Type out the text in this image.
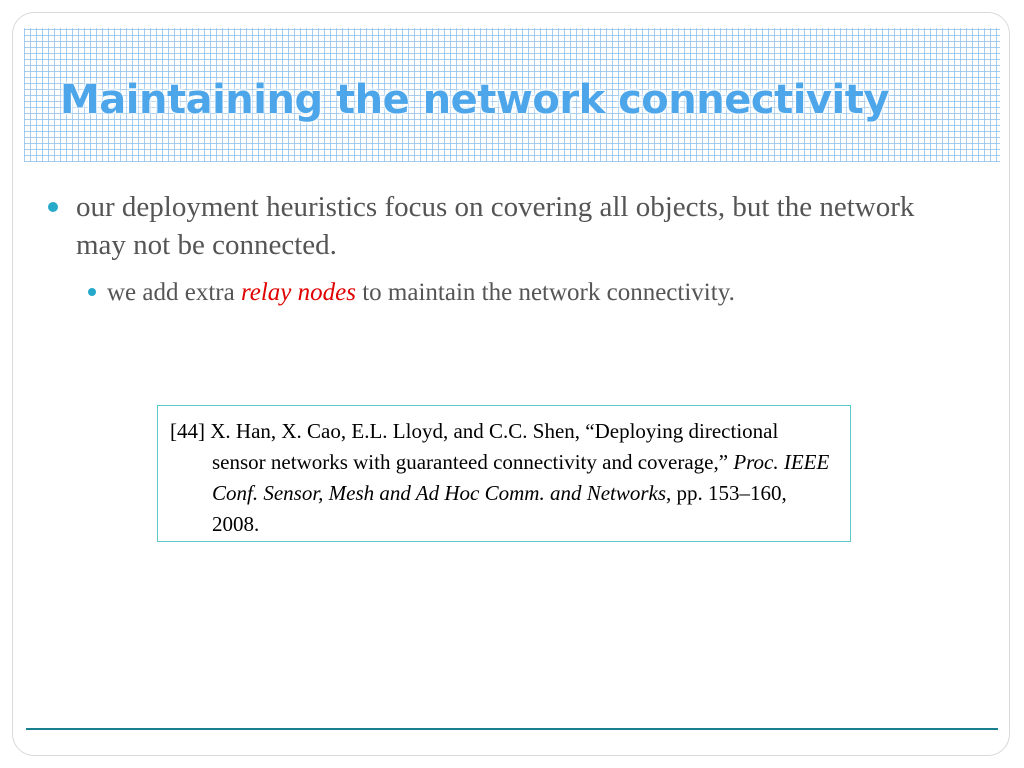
Maintaining the network connectivity
our deployment heuristics focus on covering all objects, but the network may not be connected.
we add extra relay nodes to maintain the network connectivity.
[44] X. Han, X. Cao, E.L. Lloyd, and C.C. Shen, “Deploying directional sensor networks with guaranteed connectivity and coverage,” Proc. IEEE Conf. Sensor, Mesh and Ad Hoc Comm. and Networks, pp. 153–160, 2008.
